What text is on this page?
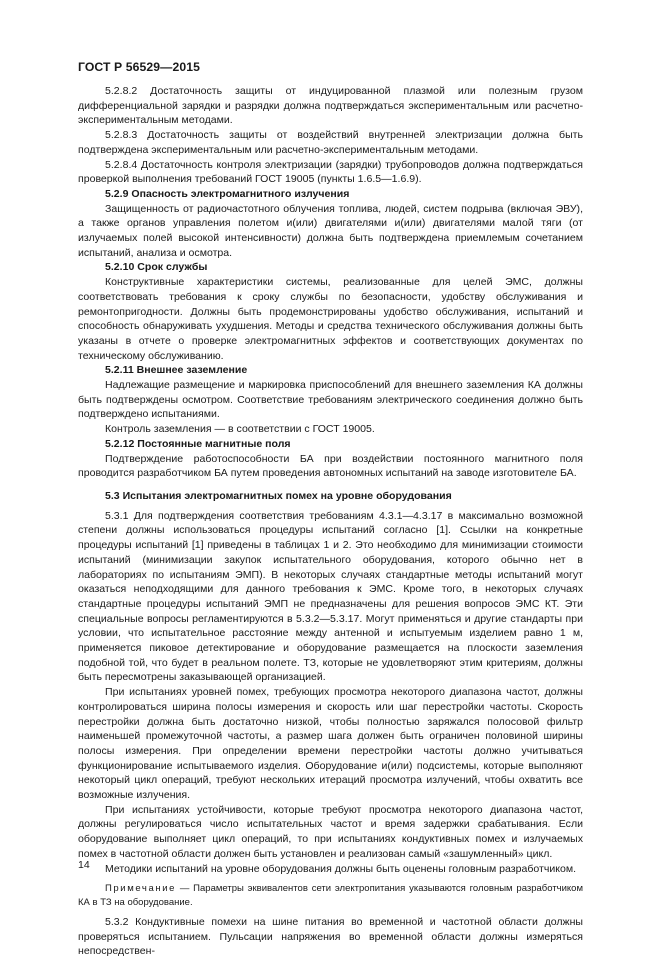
ГОСТ Р 56529—2015

5.2.8.2 Достаточность защиты от индуцированной плазмой или полезным грузом дифференциальной зарядки и разрядки должна подтверждаться экспериментальным или расчетно-экспериментальным методами.

5.2.8.3 Достаточность защиты от воздействий внутренней электризации должна быть подтверждена экспериментальным или расчетно-экспериментальным методами.

5.2.8.4 Достаточность контроля электризации (зарядки) трубопроводов должна подтверждаться проверкой выполнения требований ГОСТ 19005 (пункты 1.6.5—1.6.9).

5.2.9 Опасность электромагнитного излучения

Защищенность от радиочастотного облучения топлива, людей, систем подрыва (включая ЭВУ), а также органов управления полетом и(или) двигателями и(или) двигателями малой тяги (от излучаемых полей высокой интенсивности) должна быть подтверждена приемлемым сочетанием испытаний, анализа и осмотра.

5.2.10 Срок службы

Конструктивные характеристики системы, реализованные для целей ЭМС, должны соответствовать требования к сроку службы по безопасности, удобству обслуживания и ремонтопригодности. Должны быть продемонстрированы удобство обслуживания, испытаний и способность обнаруживать ухудшения. Методы и средства технического обслуживания должны быть указаны в отчете о проверке электромагнитных эффектов и соответствующих документах по техническому обслуживанию.

5.2.11 Внешнее заземление

Надлежащие размещение и маркировка приспособлений для внешнего заземления КА должны быть подтверждены осмотром. Соответствие требованиям электрического соединения должно быть подтверждено испытаниями.

Контроль заземления — в соответствии с ГОСТ 19005.

5.2.12 Постоянные магнитные поля

Подтверждение работоспособности БА при воздействии постоянного магнитного поля проводится разработчиком БА путем проведения автономных испытаний на заводе изготовителе БА.

5.3 Испытания электромагнитных помех на уровне оборудования

5.3.1 Для подтверждения соответствия требованиям 4.3.1—4.3.17 в максимально возможной степени должны использоваться процедуры испытаний согласно [1]. Ссылки на конкретные процедуры испытаний [1] приведены в таблицах 1 и 2. Это необходимо для минимизации стоимости испытаний (минимизации закупок испытательного оборудования, которого обычно нет в лабораториях по испытаниям ЭМП). В некоторых случаях стандартные методы испытаний могут оказаться неподходящими для данного требования к ЭМС. Кроме того, в некоторых случаях стандартные процедуры испытаний ЭМП не предназначены для решения вопросов ЭМС КТ. Эти специальные вопросы регламентируются в 5.3.2—5.3.17. Могут применяться и другие стандарты при условии, что испытательное расстояние между антенной и испытуемым изделием равно 1 м, применяется пиковое детектирование и оборудование размещается на плоскости заземления подобной той, что будет в реальном полете. ТЗ, которые не удовлетворяют этим критериям, должны быть пересмотрены заказывающей организацией.

При испытаниях уровней помех, требующих просмотра некоторого диапазона частот, должны контролироваться ширина полосы измерения и скорость или шаг перестройки частоты. Скорость перестройки должна быть достаточно низкой, чтобы полностью заряжался полосовой фильтр наименьшей промежуточной частоты, а размер шага должен быть ограничен половиной ширины полосы измерения. При определении времени перестройки частоты должно учитываться функционирование испытываемого изделия. Оборудование и(или) подсистемы, которые выполняют некоторый цикл операций, требуют нескольких итераций просмотра излучений, чтобы охватить все возможные излучения.

При испытаниях устойчивости, которые требуют просмотра некоторого диапазона частот, должны регулироваться число испытательных частот и время задержки срабатывания. Если оборудование выполняет цикл операций, то при испытаниях кондуктивных помех и излучаемых помех в частотной области должен быть установлен и реализован самый «зашумленный» цикл.

Методики испытаний на уровне оборудования должны быть оценены головным разработчиком.

Примечание — Параметры эквивалентов сети электропитания указываются головным разработчиком КА в ТЗ на оборудование.

5.3.2 Кондуктивные помехи на шине питания во временной и частотной области должны проверяться испытанием. Пульсации напряжения во временной области должны измеряться непосредствен-

14
